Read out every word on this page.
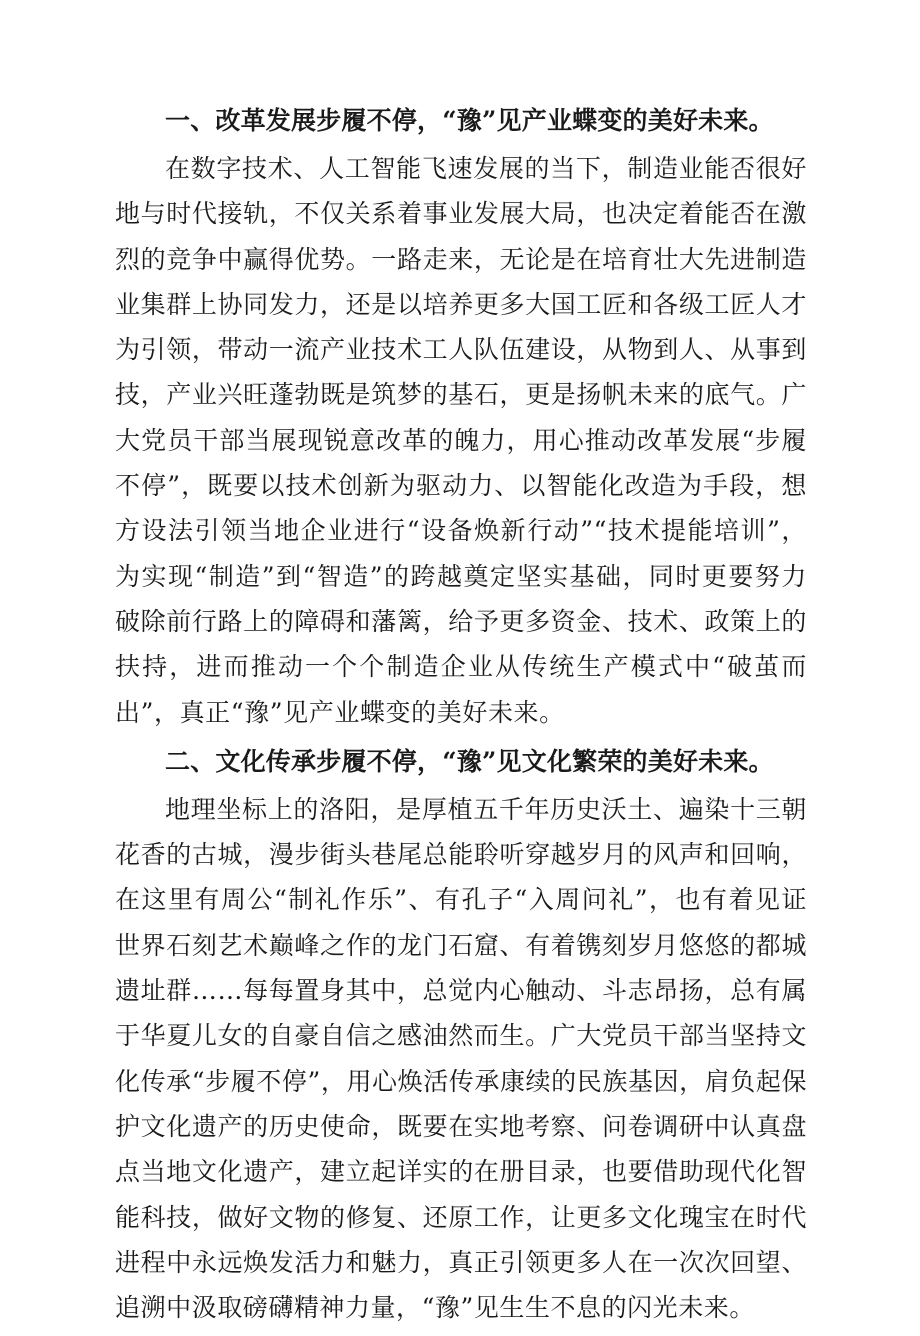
一、改革发展步履不停，“豫”见产业蝶变的美好未来。
在数字技术、人工智能飞速发展的当下，制造业能否很好地与时代接轨，不仅关系着事业发展大局，也决定着能否在激烈的竞争中赢得优势。一路走来，无论是在培育壮大先进制造业集群上协同发力，还是以培养更多大国工匠和各级工匠人才为引领，带动一流产业技术工人队伍建设，从物到人、从事到技，产业兴旺蓬勃既是筑梦的基石，更是扬帆未来的底气。广大党员干部当展现锐意改革的魄力，用心推动改革发展“步履不停”，既要以技术创新为驱动力、以智能化改造为手段，想方设法引领当地企业进行“设备焕新行动”“技术提能培训”，为实现“制造”到“智造”的跨越奠定坚实基础，同时更要努力破除前行路上的障碍和藩篱，给予更多资金、技术、政策上的扶持，进而推动一个个制造企业从传统生产模式中“破茧而出”，真正“豫”见产业蝶变的美好未来。
二、文化传承步履不停，“豫”见文化繁荣的美好未来。
地理坐标上的洛阳，是厚植五千年历史沃土、遍染十三朝花香的古城，漫步街头巷尾总能聆听穿越岁月的风声和回响，在这里有周公“制礼作乐”、有孔子“入周问礼”，也有着见证世界石刻艺术巅峰之作的龙门石窟、有着镌刻岁月悠悠的都城遗址群……每每置身其中，总觉内心触动、斗志昂扬，总有属于华夏儿女的自豪自信之感油然而生。广大党员干部当坚持文化传承“步履不停”，用心焕活传承康续的民族基因，肩负起保护文化遗产的历史使命，既要在实地考察、问卷调研中认真盘点当地文化遗产，建立起详实的在册目录，也要借助现代化智能科技，做好文物的修复、还原工作，让更多文化瑰宝在时代进程中永远焕发活力和魅力，真正引领更多人在一次次回望、追溯中汲取磅礴精神力量，“豫”见生生不息的闪光未来。
